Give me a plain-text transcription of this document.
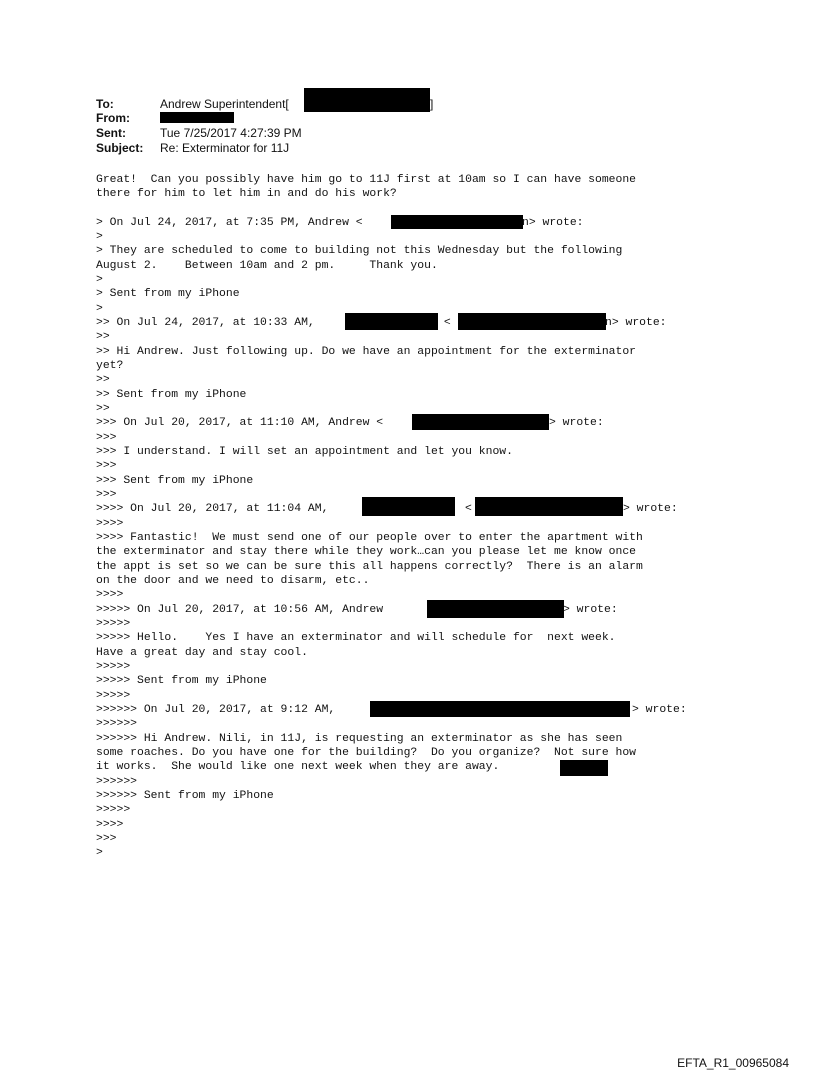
To:	Andrew Superintendent[	]
From:
Sent:	Tue 7/25/2017 4:27:39 PM
Subject: Re: Exterminator for 11J
Great!  Can you possibly have him go to 11J first at 10am so I can have someone
there for him to let him in and do his work?
> On Jul 24, 2017, at 7:35 PM, Andrew <	n> wrote:
>
> They are scheduled to come to building not this Wednesday but the following
August 2.    Between 10am and 2 pm.     Thank you.
>
> Sent from my iPhone
>
>> On Jul 24, 2017, at 10:33 AM,	<	n> wrote:
>>
>> Hi Andrew. Just following up. Do we have an appointment for the exterminator
yet?
>>
>> Sent from my iPhone
>>
>>> On Jul 20, 2017, at 11:10 AM, Andrew <	> wrote:
>>>
>>> I understand. I will set an appointment and let you know.
>>>
>>> Sent from my iPhone
>>>
>>>> On Jul 20, 2017, at 11:04 AM,	<	> wrote:
>>>>
>>>> Fantastic!  We must send one of our people over to enter the apartment with
the exterminator and stay there while they work…can you please let me know once
the appt is set so we can be sure this all happens correctly?  There is an alarm
on the door and we need to disarm, etc..
>>>>
>>>>> On Jul 20, 2017, at 10:56 AM, Andrew	> wrote:
>>>>>
>>>>> Hello.    Yes I have an exterminator and will schedule for  next week.
Have a great day and stay cool.
>>>>>
>>>>> Sent from my iPhone
>>>>>
>>>>>> On Jul 20, 2017, at 9:12 AM,	> wrote:
>>>>>>
>>>>>> Hi Andrew. Nili, in 11J, is requesting an exterminator as she has seen
some roaches. Do you have one for the building?  Do you organize?  Not sure how
it works.  She would like one next week when they are away.
>>>>>>
>>>>>> Sent from my iPhone
>>>>>
>>>>
>>>
>
EFTA_R1_00965084
